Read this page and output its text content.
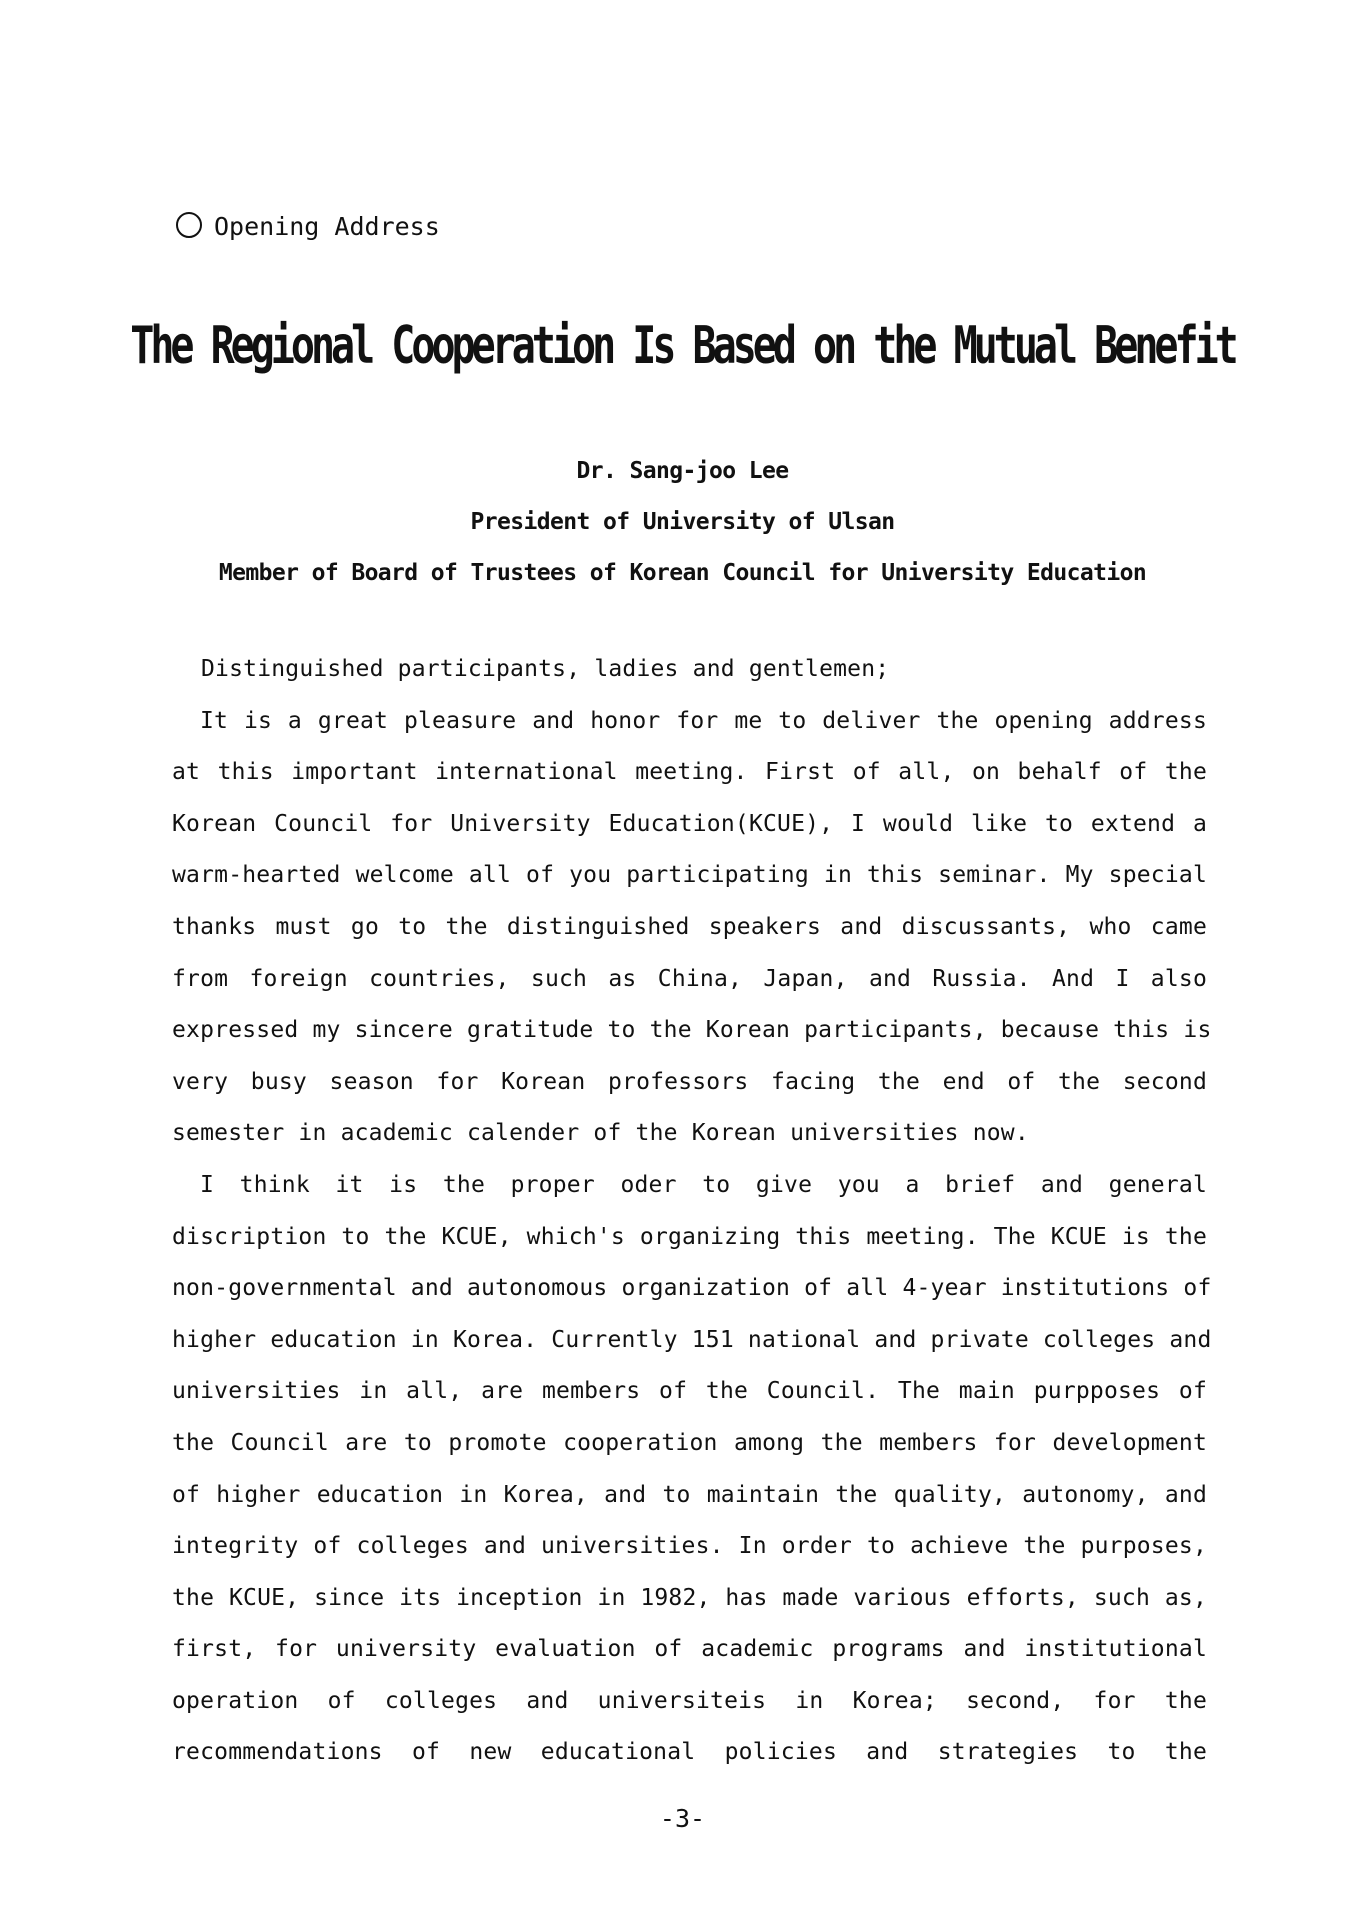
Opening Address
The Regional Cooperation Is Based on the Mutual Benefit
Dr. Sang-joo Lee
President of University of Ulsan
Member of Board of Trustees of Korean Council for University Education
Distinguished participants, ladies and gentlemen;
It is a great pleasure and honor for me to deliver the opening address
at this important international meeting. First of all, on behalf of the
Korean Council for University Education(KCUE), I would like to extend a
warm-hearted welcome all of you participating in this seminar. My special
thanks must go to the distinguished speakers and discussants, who came
from foreign countries, such as China, Japan, and Russia. And I also
expressed my sincere gratitude to the Korean participants, because this is
very busy season for Korean professors facing the end of the second
semester in academic calender of the Korean universities now.
I think it is the proper oder to give you a brief and general
discription to the KCUE, which's organizing this meeting. The KCUE is the
non-governmental and autonomous organization of all 4-year institutions of
higher education in Korea. Currently 151 national and private colleges and
universities in all, are members of the Council. The main purpposes of
the Council are to promote cooperation among the members for development
of higher education in Korea, and to maintain the quality, autonomy, and
integrity of colleges and universities. In order to achieve the purposes,
the KCUE, since its inception in 1982, has made various efforts, such as,
first, for university evaluation of academic programs and institutional
operation of colleges and universiteis in Korea; second, for the
recommendations of new educational policies and strategies to the
-3-
